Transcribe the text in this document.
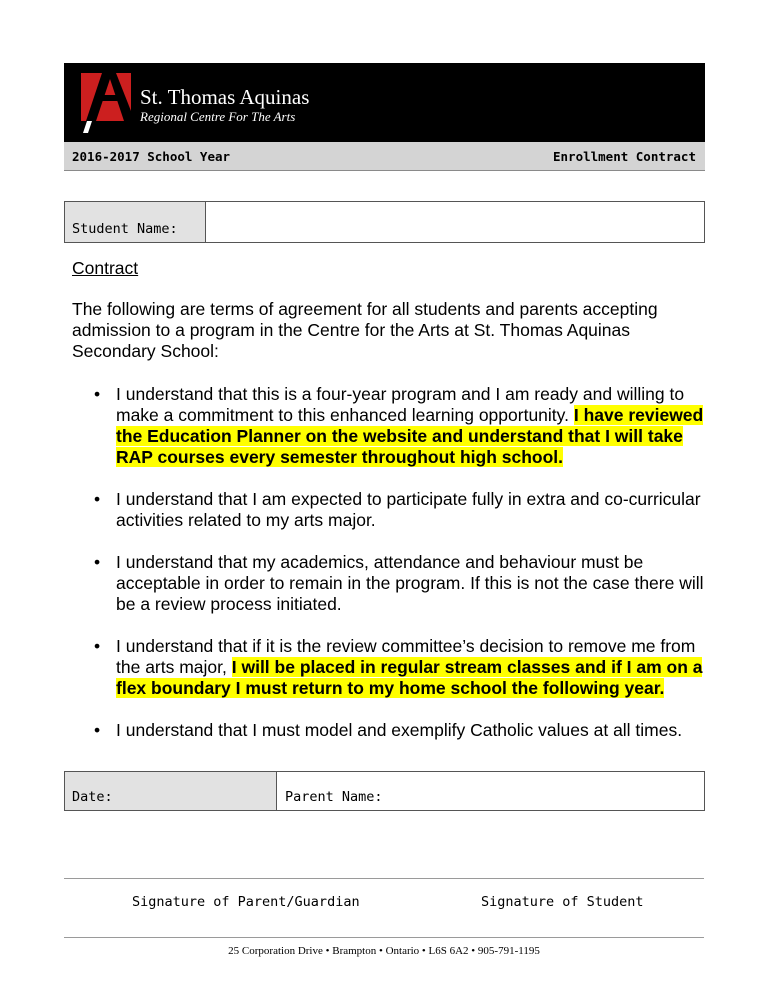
St. Thomas Aquinas
Regional Centre For The Arts
2016-2017 School Year	Enrollment Contract
Student Name:
Contract
The following are terms of agreement for all students and parents accepting admission to a program in the Centre for the Arts at St. Thomas Aquinas Secondary School:
• I understand that this is a four-year program and I am ready and willing to make a commitment to this enhanced learning opportunity. I have reviewed the Education Planner on the website and understand that I will take RAP courses every semester throughout high school.
• I understand that I am expected to participate fully in extra and co-curricular activities related to my arts major.
• I understand that my academics, attendance and behaviour must be acceptable in order to remain in the program. If this is not the case there will be a review process initiated.
• I understand that if it is the review committee’s decision to remove me from the arts major, I will be placed in regular stream classes and if I am on a flex boundary I must return to my home school the following year.
• I understand that I must model and exemplify Catholic values at all times.
Date:	Parent Name:
Signature of Parent/Guardian	Signature of Student
25 Corporation Drive • Brampton • Ontario • L6S 6A2 • 905-791-1195
